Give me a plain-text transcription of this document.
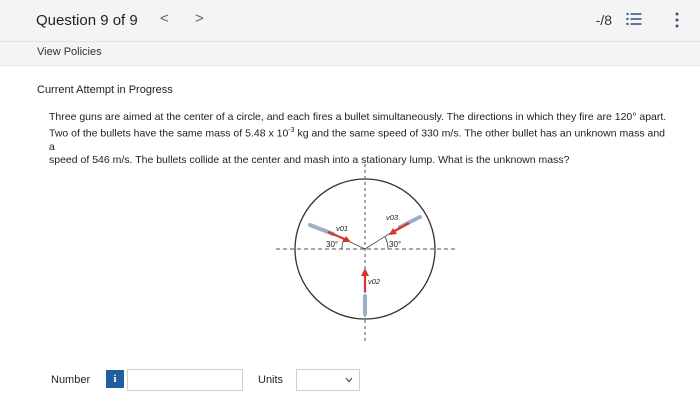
Question 9 of 9 < >	-/8
View Policies
Current Attempt in Progress

Three guns are aimed at the center of a circle, and each fires a bullet simultaneously. The directions in which they fire are 120° apart.

Two of the bullets have the same mass of 5.48 x $10^{-3}$ kg and the same speed of 330 m/s. The other bullet has an unknown mass and a

speed of 546 m/s. The bullets collide at the center and mash into a stationary lump. What is the unknown mass?

v01
v03
v02
30°	30°
Number	i	Units
